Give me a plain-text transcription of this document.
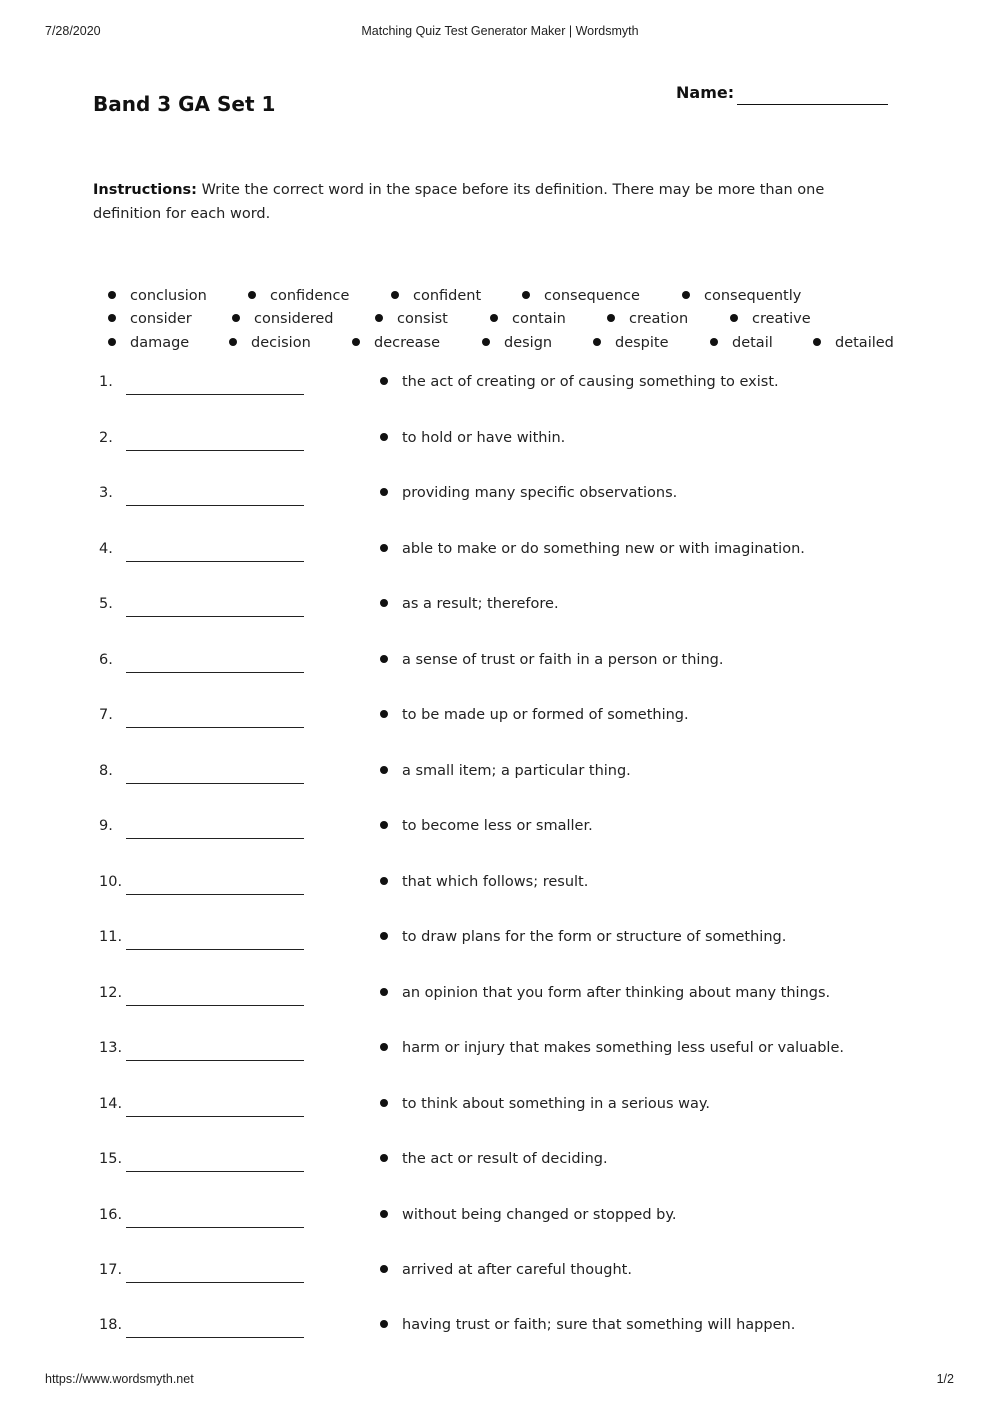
7/28/2020	Matching Quiz Test Generator Maker | Wordsmyth
Band 3 GA Set 1	Name:

Instructions: Write the correct word in the space before its definition. There may be more than one definition for each word.

conclusion	confidence	confident	consequence	consequently
consider	considered	consist	contain	creation	creative
damage	decision	decrease	design	despite	detail	detailed
1.	the act of creating or of causing something to exist.
2.	to hold or have within.
3.	providing many specific observations.
4.	able to make or do something new or with imagination.
5.	as a result; therefore.
6.	a sense of trust or faith in a person or thing.
7.	to be made up or formed of something.
8.	a small item; a particular thing.
9.	to become less or smaller.
10.	that which follows; result.
11.	to draw plans for the form or structure of something.
12.	an opinion that you form after thinking about many things.
13.	harm or injury that makes something less useful or valuable.
14.	to think about something in a serious way.
15.	the act or result of deciding.
16.	without being changed or stopped by.
17.	arrived at after careful thought.
18.	having trust or faith; sure that something will happen.
https://www.wordsmyth.net	1/2
